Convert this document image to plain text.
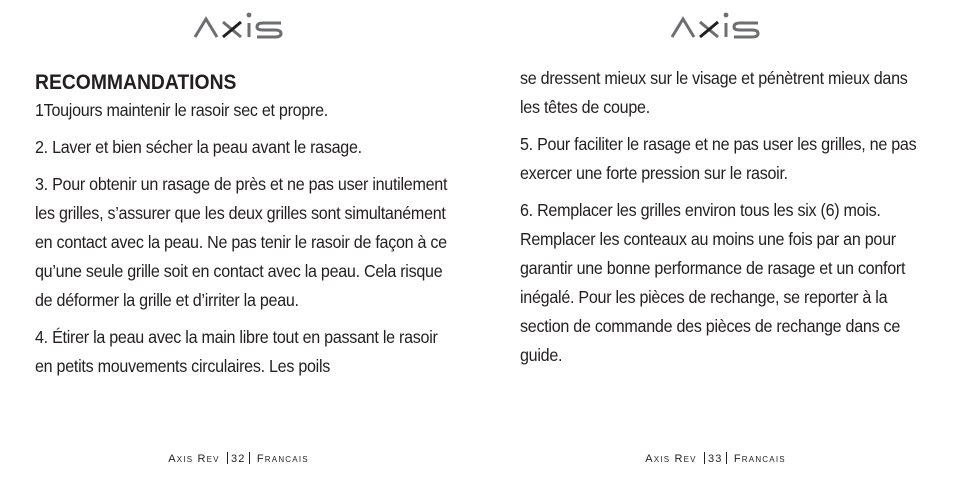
RECOMMANDATIONS

1Toujours maintenir le rasoir sec et propre.

2. Laver et bien sécher la peau avant le rasage.

3. Pour obtenir un rasage de près et ne pas user inutilement les grilles, s’assurer que les deux grilles sont simultanément en contact avec la peau. Ne pas tenir le rasoir de façon à ce qu’une seule grille soit en contact avec la peau. Cela risque de déformer la grille et d’irriter la peau.

4. Étirer la peau avec la main libre tout en passant le rasoir en petits mouvements circulaires. Les poils

Axis Rev 32 Francais

se dressent mieux sur le visage et pénètrent mieux dans les têtes de coupe.

5. Pour faciliter le rasage et ne pas user les grilles, ne pas exercer une forte pression sur le rasoir.

6. Remplacer les grilles environ tous les six (6) mois. Remplacer les conteaux au moins une fois par an pour garantir une bonne performance de rasage et un confort inégalé. Pour les pièces de rechange, se reporter à la section de commande des pièces de rechange dans ce guide.

Axis Rev 33 Francais
